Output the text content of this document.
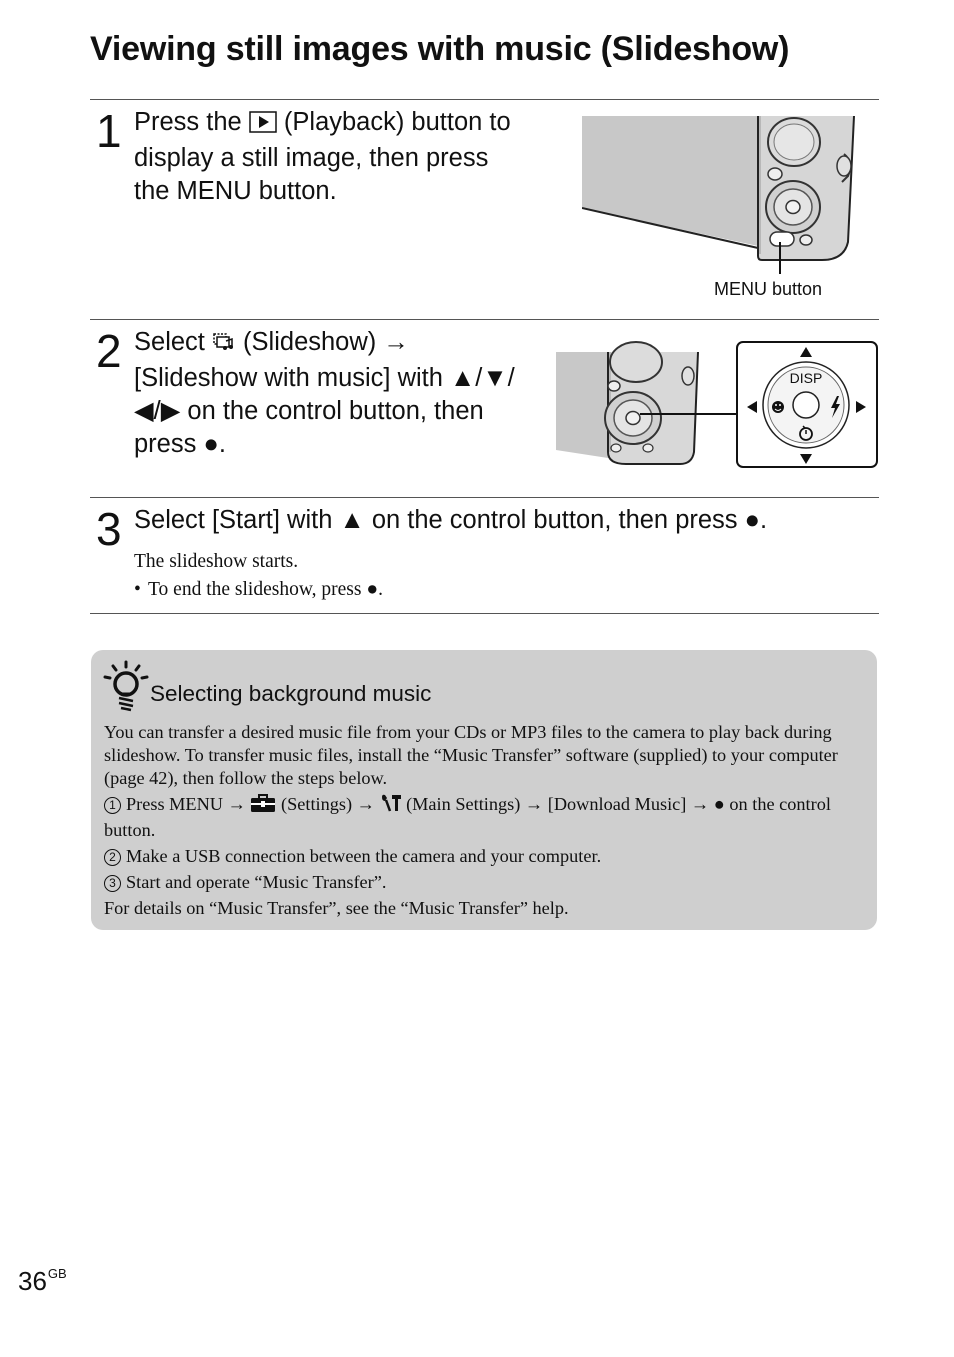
Viewing still images with music (Slideshow)
1 Press the  (Playback) button to
display a still image, then press
the MENU button.
MENU button
2 Select  (Slideshow) →
[Slideshow with music] with ▲/▼/
◀/▶ on the control button, then
press ●.
DISP
3 Select [Start] with ▲ on the control button, then press ●.
The slideshow starts.
• To end the slideshow, press ●.
Selecting background music

You can transfer a desired music file from your CDs or MP3 files to the camera to play back during slideshow. To transfer music files, install the “Music Transfer” software (supplied) to your computer (page 42), then follow the steps below.

1 Press MENU →  (Settings) →  (Main Settings) → [Download Music] → ● on the control button.

2 Make a USB connection between the camera and your computer.

3 Start and operate “Music Transfer”.

For details on “Music Transfer”, see the “Music Transfer” help.

$36^{GB}$
